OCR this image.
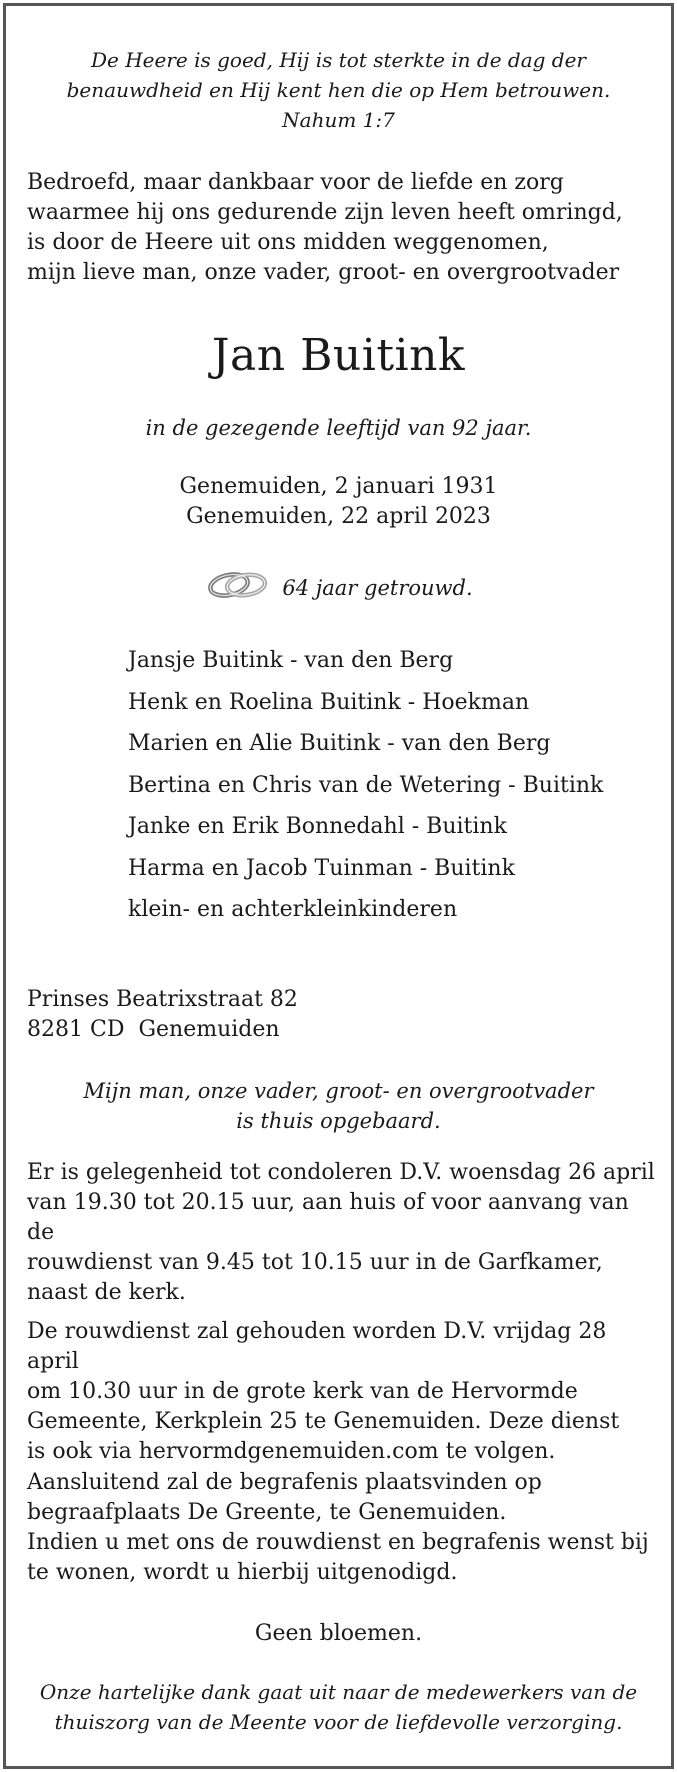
De Heere is goed, Hij is tot sterkte in de dag der
benauwdheid en Hij kent hen die op Hem betrouwen.
Nahum 1:7
Bedroefd, maar dankbaar voor de liefde en zorg
waarmee hij ons gedurende zijn leven heeft omringd,
is door de Heere uit ons midden weggenomen,
mijn lieve man, onze vader, groot- en overgrootvader
Jan Buitink
in de gezegende leeftijd van 92 jaar.
Genemuiden, 2 januari 1931
Genemuiden, 22 april 2023
64 jaar getrouwd.
Jansje Buitink - van den Berg
Henk en Roelina Buitink - Hoekman
Marien en Alie Buitink - van den Berg
Bertina en Chris van de Wetering - Buitink
Janke en Erik Bonnedahl - Buitink
Harma en Jacob Tuinman - Buitink
klein- en achterkleinkinderen
Prinses Beatrixstraat 82
8281 CD  Genemuiden
Mijn man, onze vader, groot- en overgrootvader
is thuis opgebaard.
Er is gelegenheid tot condoleren D.V. woensdag 26 april
van 19.30 tot 20.15 uur, aan huis of voor aanvang van de
rouwdienst van 9.45 tot 10.15 uur in de Garfkamer,
naast de kerk.
De rouwdienst zal gehouden worden D.V. vrijdag 28 april
om 10.30 uur in de grote kerk van de Hervormde
Gemeente, Kerkplein 25 te Genemuiden. Deze dienst
is ook via hervormdgenemuiden.com te volgen.
Aansluitend zal de begrafenis plaatsvinden op
begraafplaats De Greente, te Genemuiden.
Indien u met ons de rouwdienst en begrafenis wenst bij
te wonen, wordt u hierbij uitgenodigd.
Geen bloemen.
Onze hartelijke dank gaat uit naar de medewerkers van de
thuiszorg van de Meente voor de liefdevolle verzorging.
